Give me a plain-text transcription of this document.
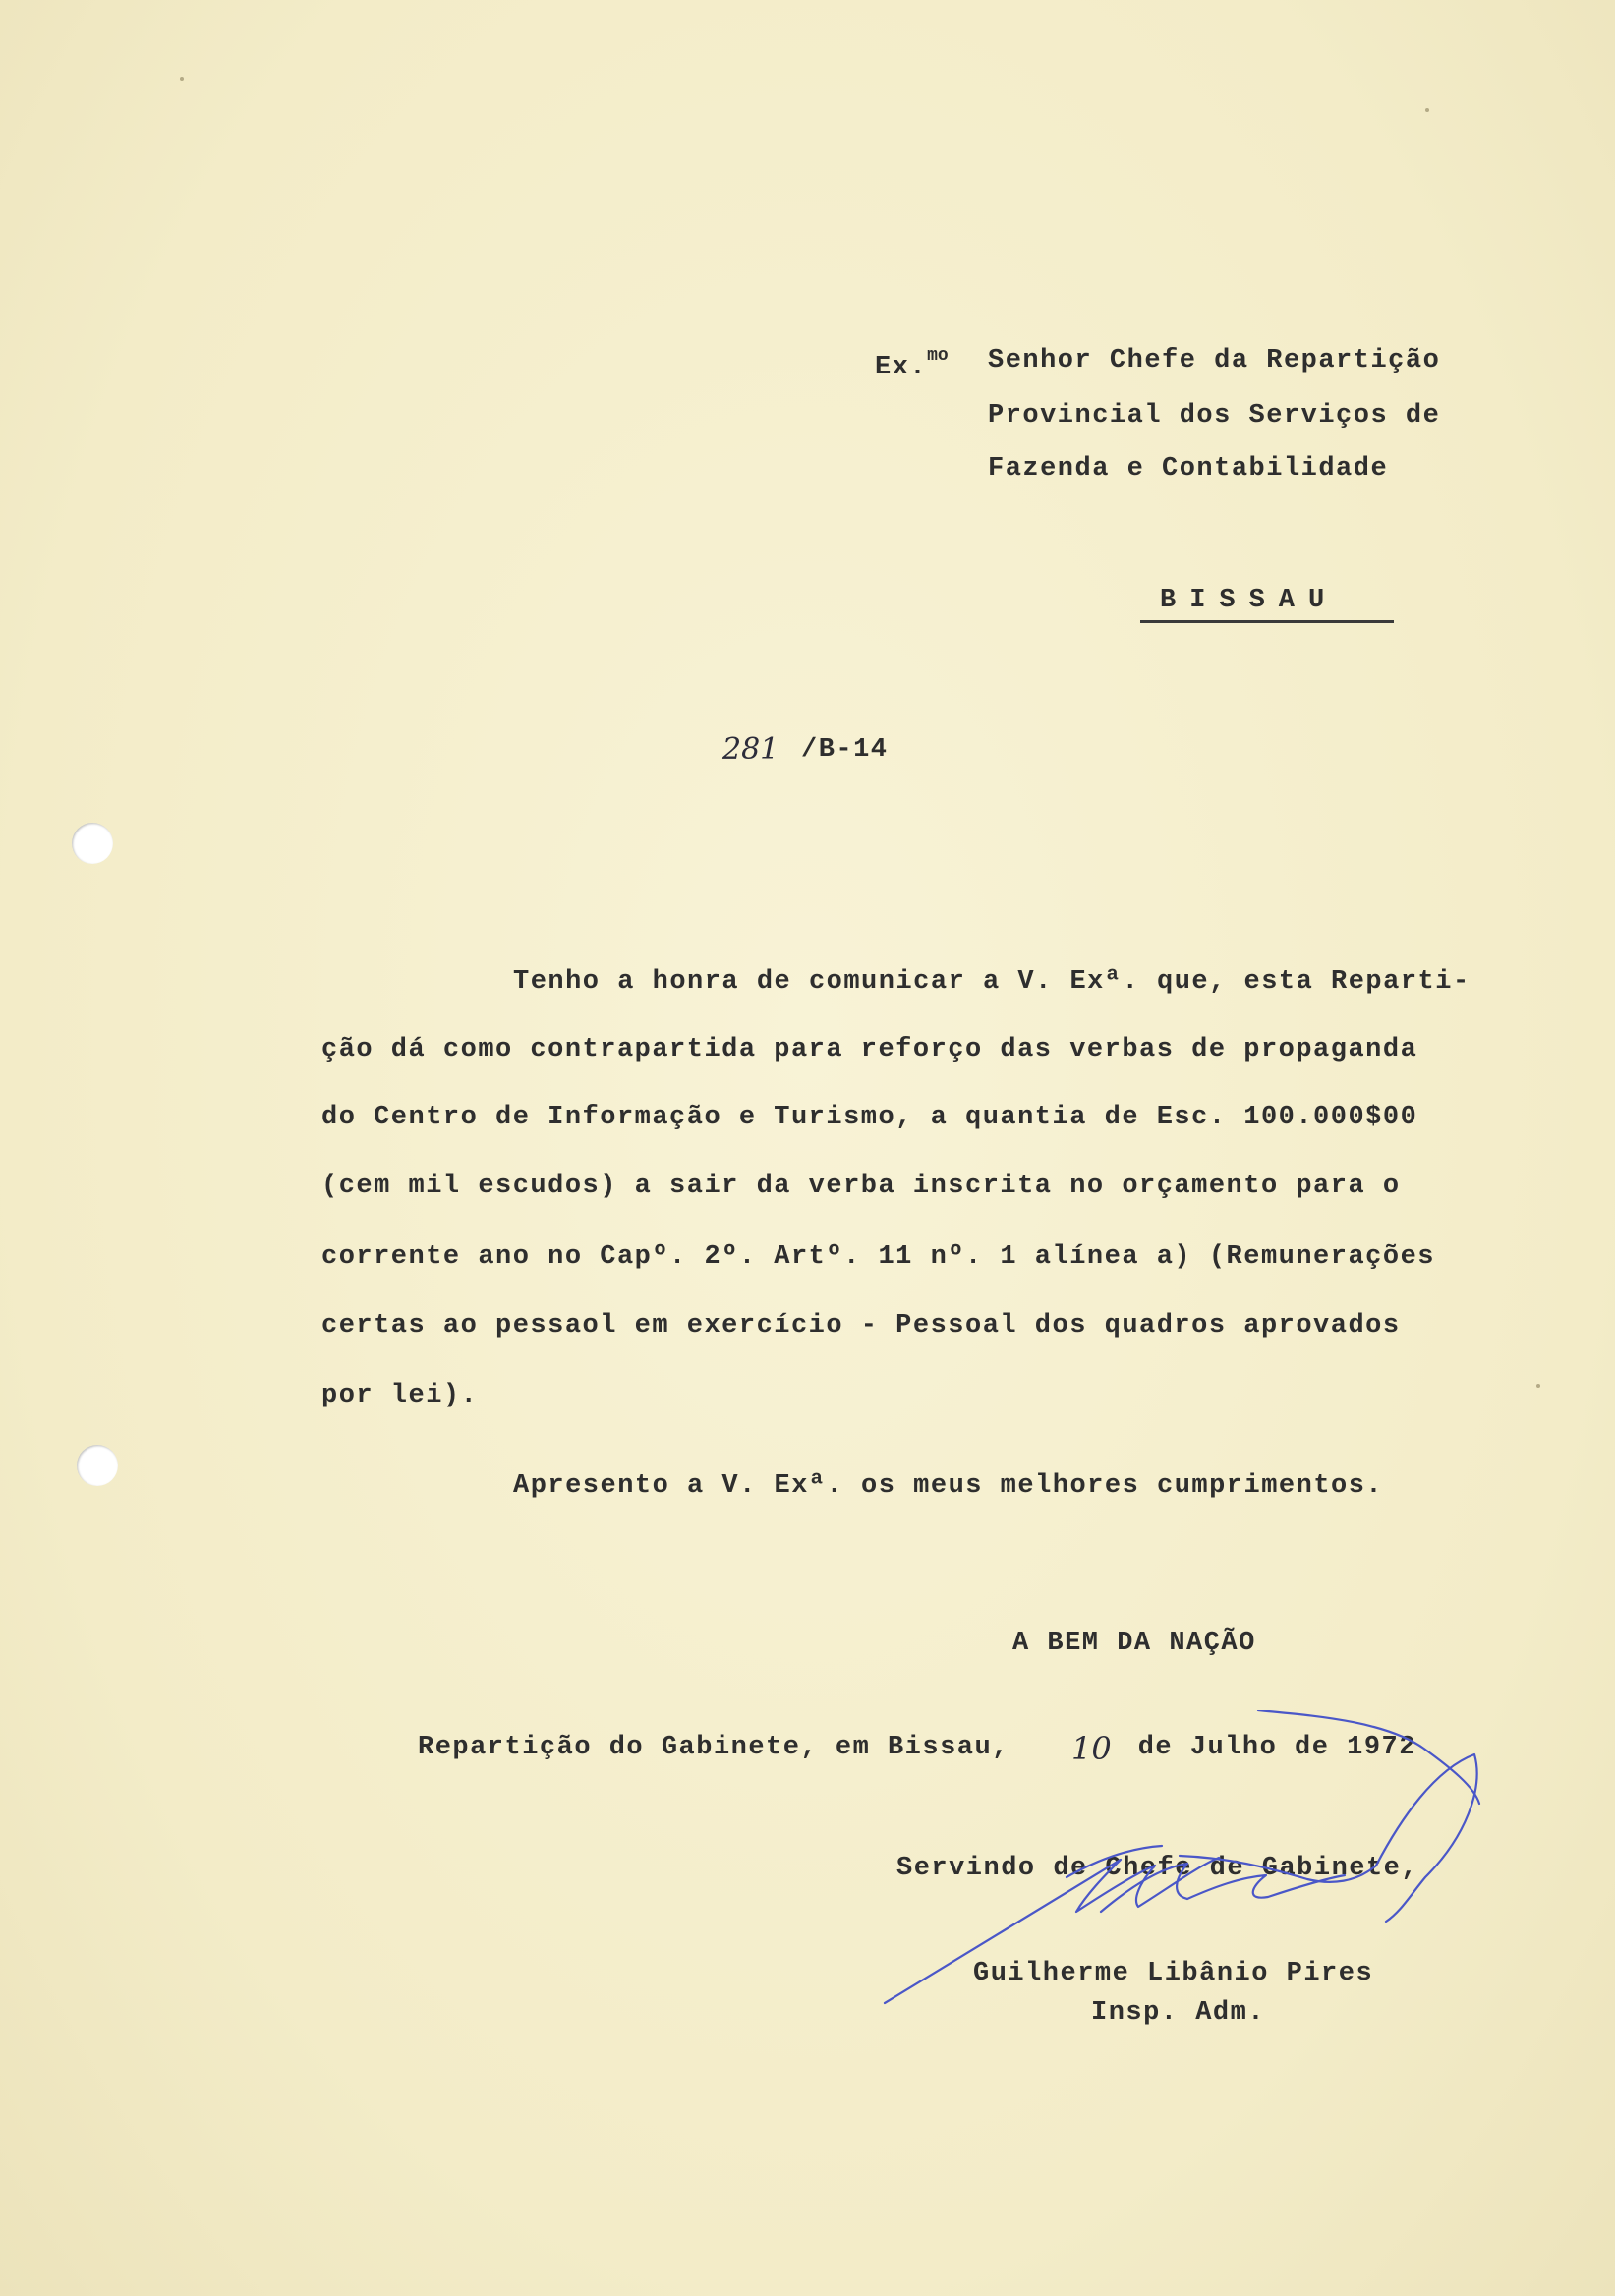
Ex.$^{mo}$ Senhor Chefe da Repartição
Provincial dos Serviços de
Fazenda e Contabilidade
BISSAU
281 /B-14
Tenho a honra de comunicar a V. Exª. que, esta Reparti-
ção dá como contrapartida para reforço das verbas de propaganda
do Centro de Informação e Turismo, a quantia de Esc. 100.000$00
(cem mil escudos) a sair da verba inscrita no orçamento para o
corrente ano no Capº. 2º. Artº. 11 nº. 1 alínea a) (Remunerações
certas ao pessaol em exercício - Pessoal dos quadros aprovados
por lei).
Apresento a V. Exª. os meus melhores cumprimentos.
A BEM DA NAÇÃO
Repartição do Gabinete, em Bissau, 10 de Julho de 1972
Servindo de Chefe de Gabinete,
Guilherme Libânio Pires
Insp. Adm.
